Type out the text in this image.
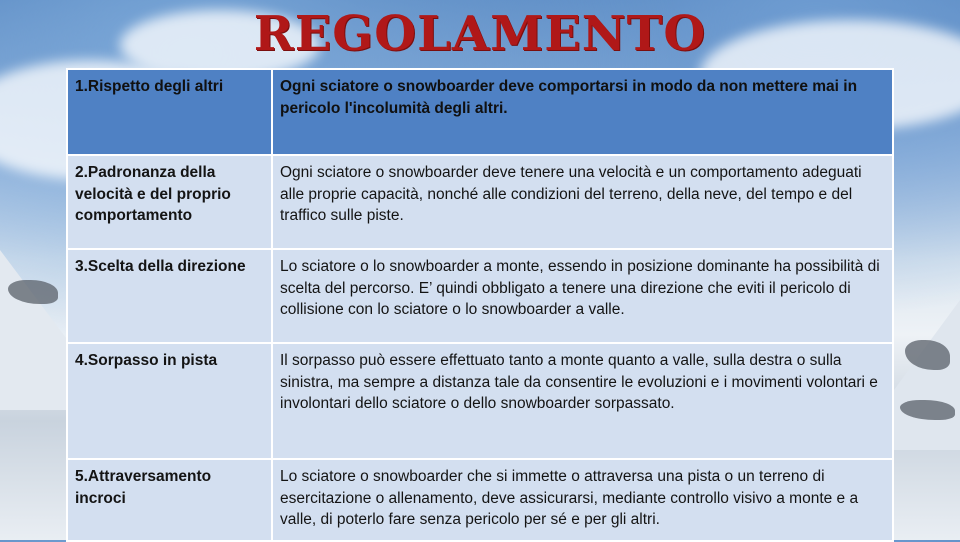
REGOLAMENTO
1.Rispetto degli altri	Ogni sciatore o snowboarder deve comportarsi in modo da non mettere mai in pericolo l'incolumità degli altri.
2.Padronanza della velocità e del proprio comportamento	Ogni sciatore o snowboarder deve tenere una velocità e un comportamento adeguati alle proprie capacità, nonché alle condizioni del terreno, della neve, del tempo e del traffico sulle piste.
3.Scelta della direzione	Lo sciatore o lo snowboarder a monte, essendo in posizione dominante ha possibilità di scelta del percorso. E’ quindi obbligato a tenere una direzione che eviti il pericolo di collisione con lo sciatore o lo snowboarder a valle.
4.Sorpasso in pista	Il sorpasso può essere effettuato tanto a monte quanto a valle, sulla destra o sulla sinistra, ma sempre a distanza tale da consentire le evoluzioni e i movimenti volontari e involontari dello sciatore o dello snowboarder sorpassato.
5.Attraversamento incroci	Lo sciatore o snowboarder che si immette o attraversa una pista o un terreno di esercitazione o allenamento, deve assicurarsi, mediante controllo visivo a monte e a valle, di poterlo fare senza pericolo per sé e per gli altri.
